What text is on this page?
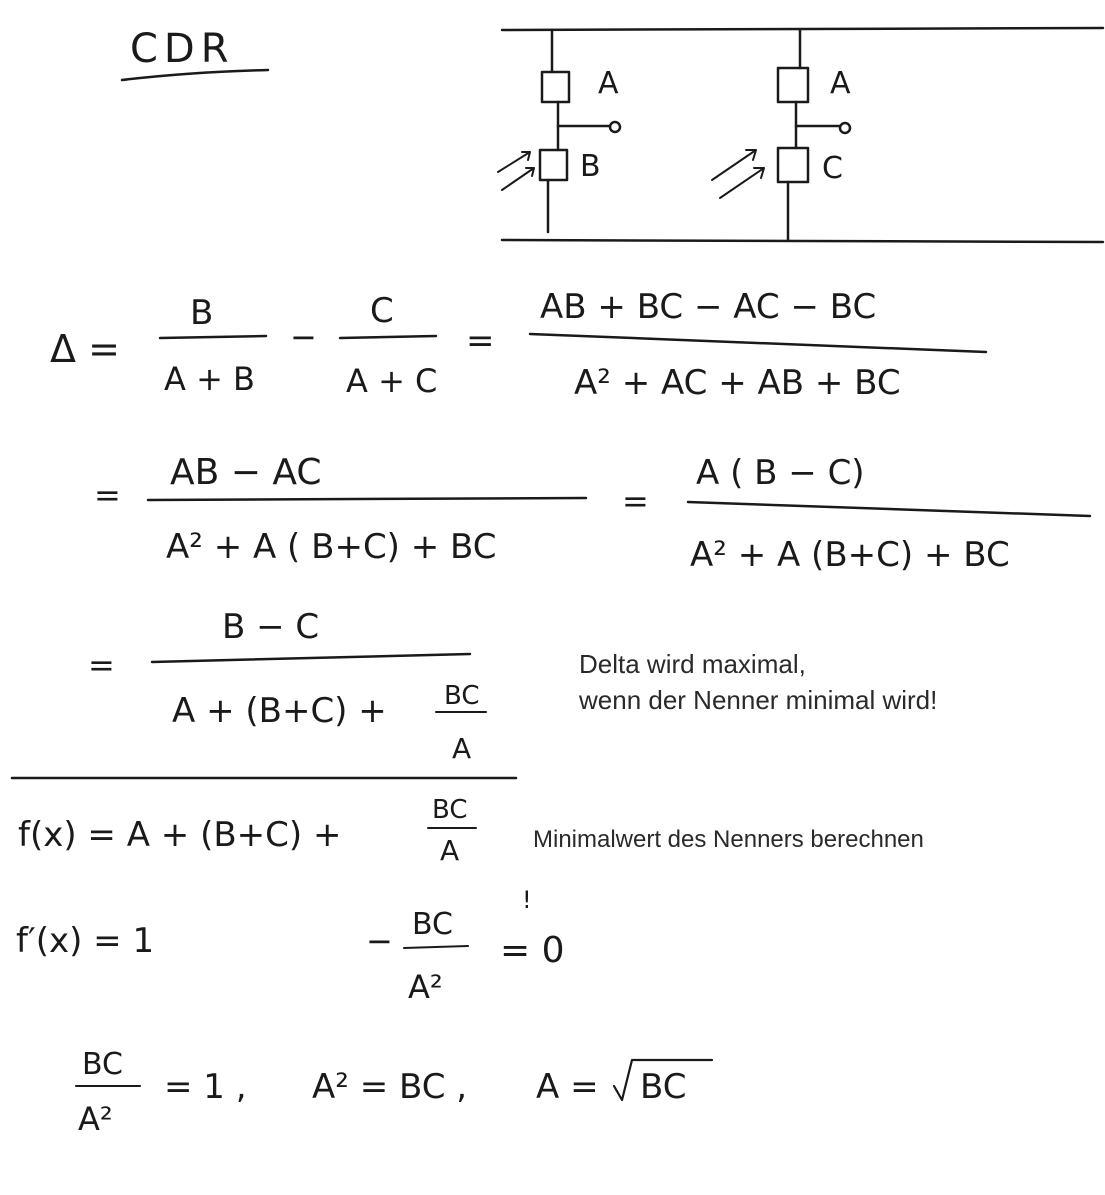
CDR
A
B
A
C
Δ =
B
A + B
−
C
A + C
=
AB + BC − AC − BC
A² + AC + AB + BC
=
AB − AC
A² + A ( B+C) + BC
=
A ( B − C)
A² + A (B+C) + BC
=
B − C
A + (B+C) + BC
A
f(x) = A + (B+C) +
BC
A
f′(x) = 1	− BC
A²
= 0
!
BC
A²
= 1 , A² = BC , A = BC
Delta wird maximal,
wenn der Nenner minimal wird!
Minimalwert des Nenners berechnen
